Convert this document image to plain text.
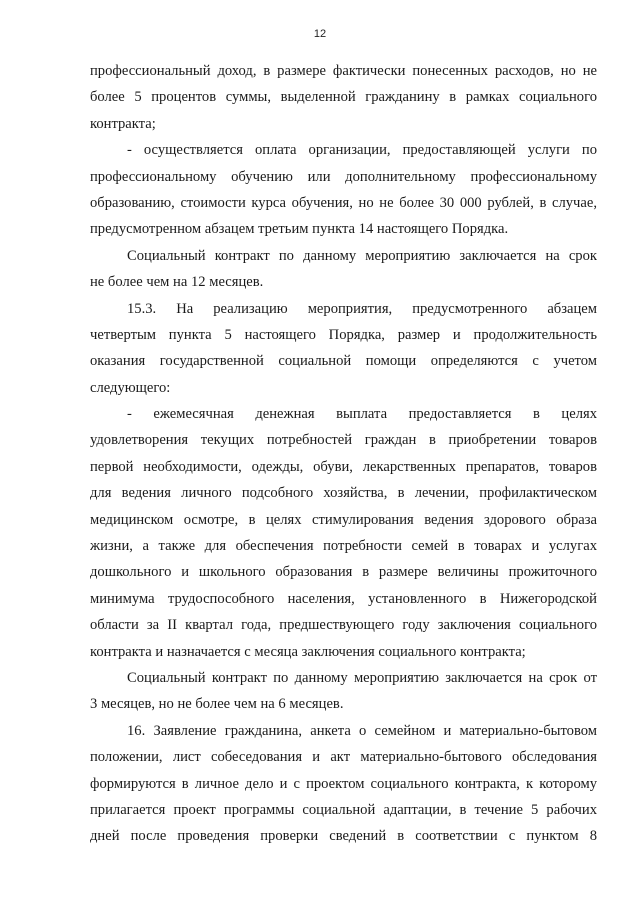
12
профессиональный доход, в размере фактически понесенных расходов, но не
более 5 процентов суммы, выделенной гражданину в рамках социального
контракта;
- осуществляется оплата организации, предоставляющей услуги по
профессиональному обучению или дополнительному профессиональному
образованию, стоимости курса обучения, но не более 30 000 рублей, в случае,
предусмотренном абзацем третьим пункта 14 настоящего Порядка.
Социальный контракт по данному мероприятию заключается на срок
не более чем на 12 месяцев.
15.3. На реализацию мероприятия, предусмотренного абзацем
четвертым пункта 5 настоящего Порядка, размер и продолжительность
оказания государственной социальной помощи определяются с учетом
следующего:
- ежемесячная денежная выплата предоставляется в целях
удовлетворения текущих потребностей граждан в приобретении товаров
первой необходимости, одежды, обуви, лекарственных препаратов, товаров
для ведения личного подсобного хозяйства, в лечении, профилактическом
медицинском осмотре, в целях стимулирования ведения здорового образа
жизни, а также для обеспечения потребности семей в товарах и услугах
дошкольного и школьного образования в размере величины прожиточного
минимума трудоспособного населения, установленного в Нижегородской
области за II квартал года, предшествующего году заключения социального
контракта и назначается с месяца заключения социального контракта;
Социальный контракт по данному мероприятию заключается на срок от
3 месяцев, но не более чем на 6 месяцев.
16. Заявление гражданина, анкета о семейном и материально-бытовом
положении, лист собеседования и акт материально-бытового обследования
формируются в личное дело и с проектом социального контракта, к которому
прилагается проект программы социальной адаптации, в течение 5 рабочих
дней после проведения проверки сведений в соответствии с пунктом 8
